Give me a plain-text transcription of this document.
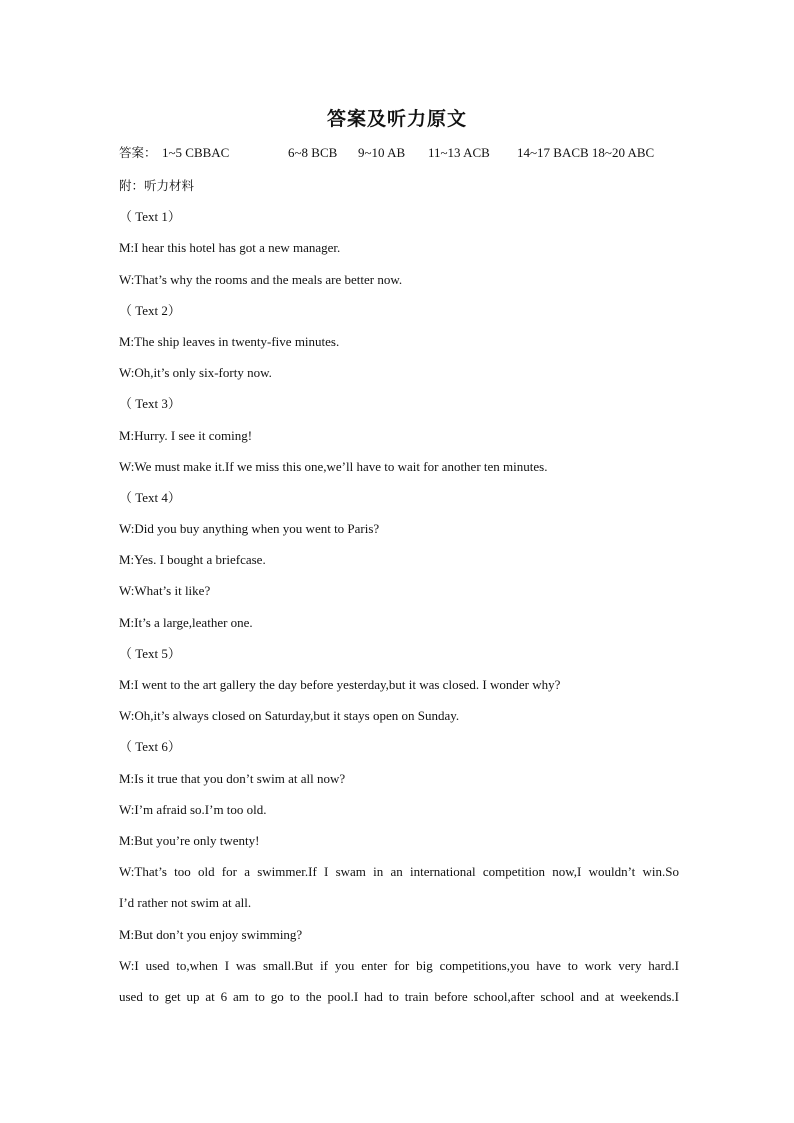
答案及听力原文
答案： 1~5 CBBAC	6~8 BCB 9~10 AB 11~13 ACB 14~17 BACB 18~20 ABC
附：听力材料
（ Text 1）
M:I hear this hotel has got a new manager.
W:That’s why the rooms and the meals are better now.
（ Text 2）
M:The ship leaves in twenty-five minutes.
W:Oh,it’s only six-forty now.
（ Text 3）
M:Hurry. I see it coming!
W:We must make it.If we miss this one,we’ll have to wait for another ten minutes.
（ Text 4）
W:Did you buy anything when you went to Paris?
M:Yes. I bought a briefcase.
W:What’s it like?
M:It’s a large,leather one.
（ Text 5）
M:I went to the art gallery the day before yesterday,but it was closed. I wonder why?
W:Oh,it’s always closed on Saturday,but it stays open on Sunday.
（ Text 6）
M:Is it true that you don’t swim at all now?
W:I’m afraid so.I’m too old.
M:But you’re only twenty!
W:That’s too old for a swimmer.If I swam in an international competition now,I wouldn’t win.So
I’d rather not swim at all.
M:But don’t you enjoy swimming?
W:I used to,when I was small.But if you enter for big competitions,you have to work very hard.I
used to get up at 6 am to go to the pool.I had to train before school,after school and at weekends.I
